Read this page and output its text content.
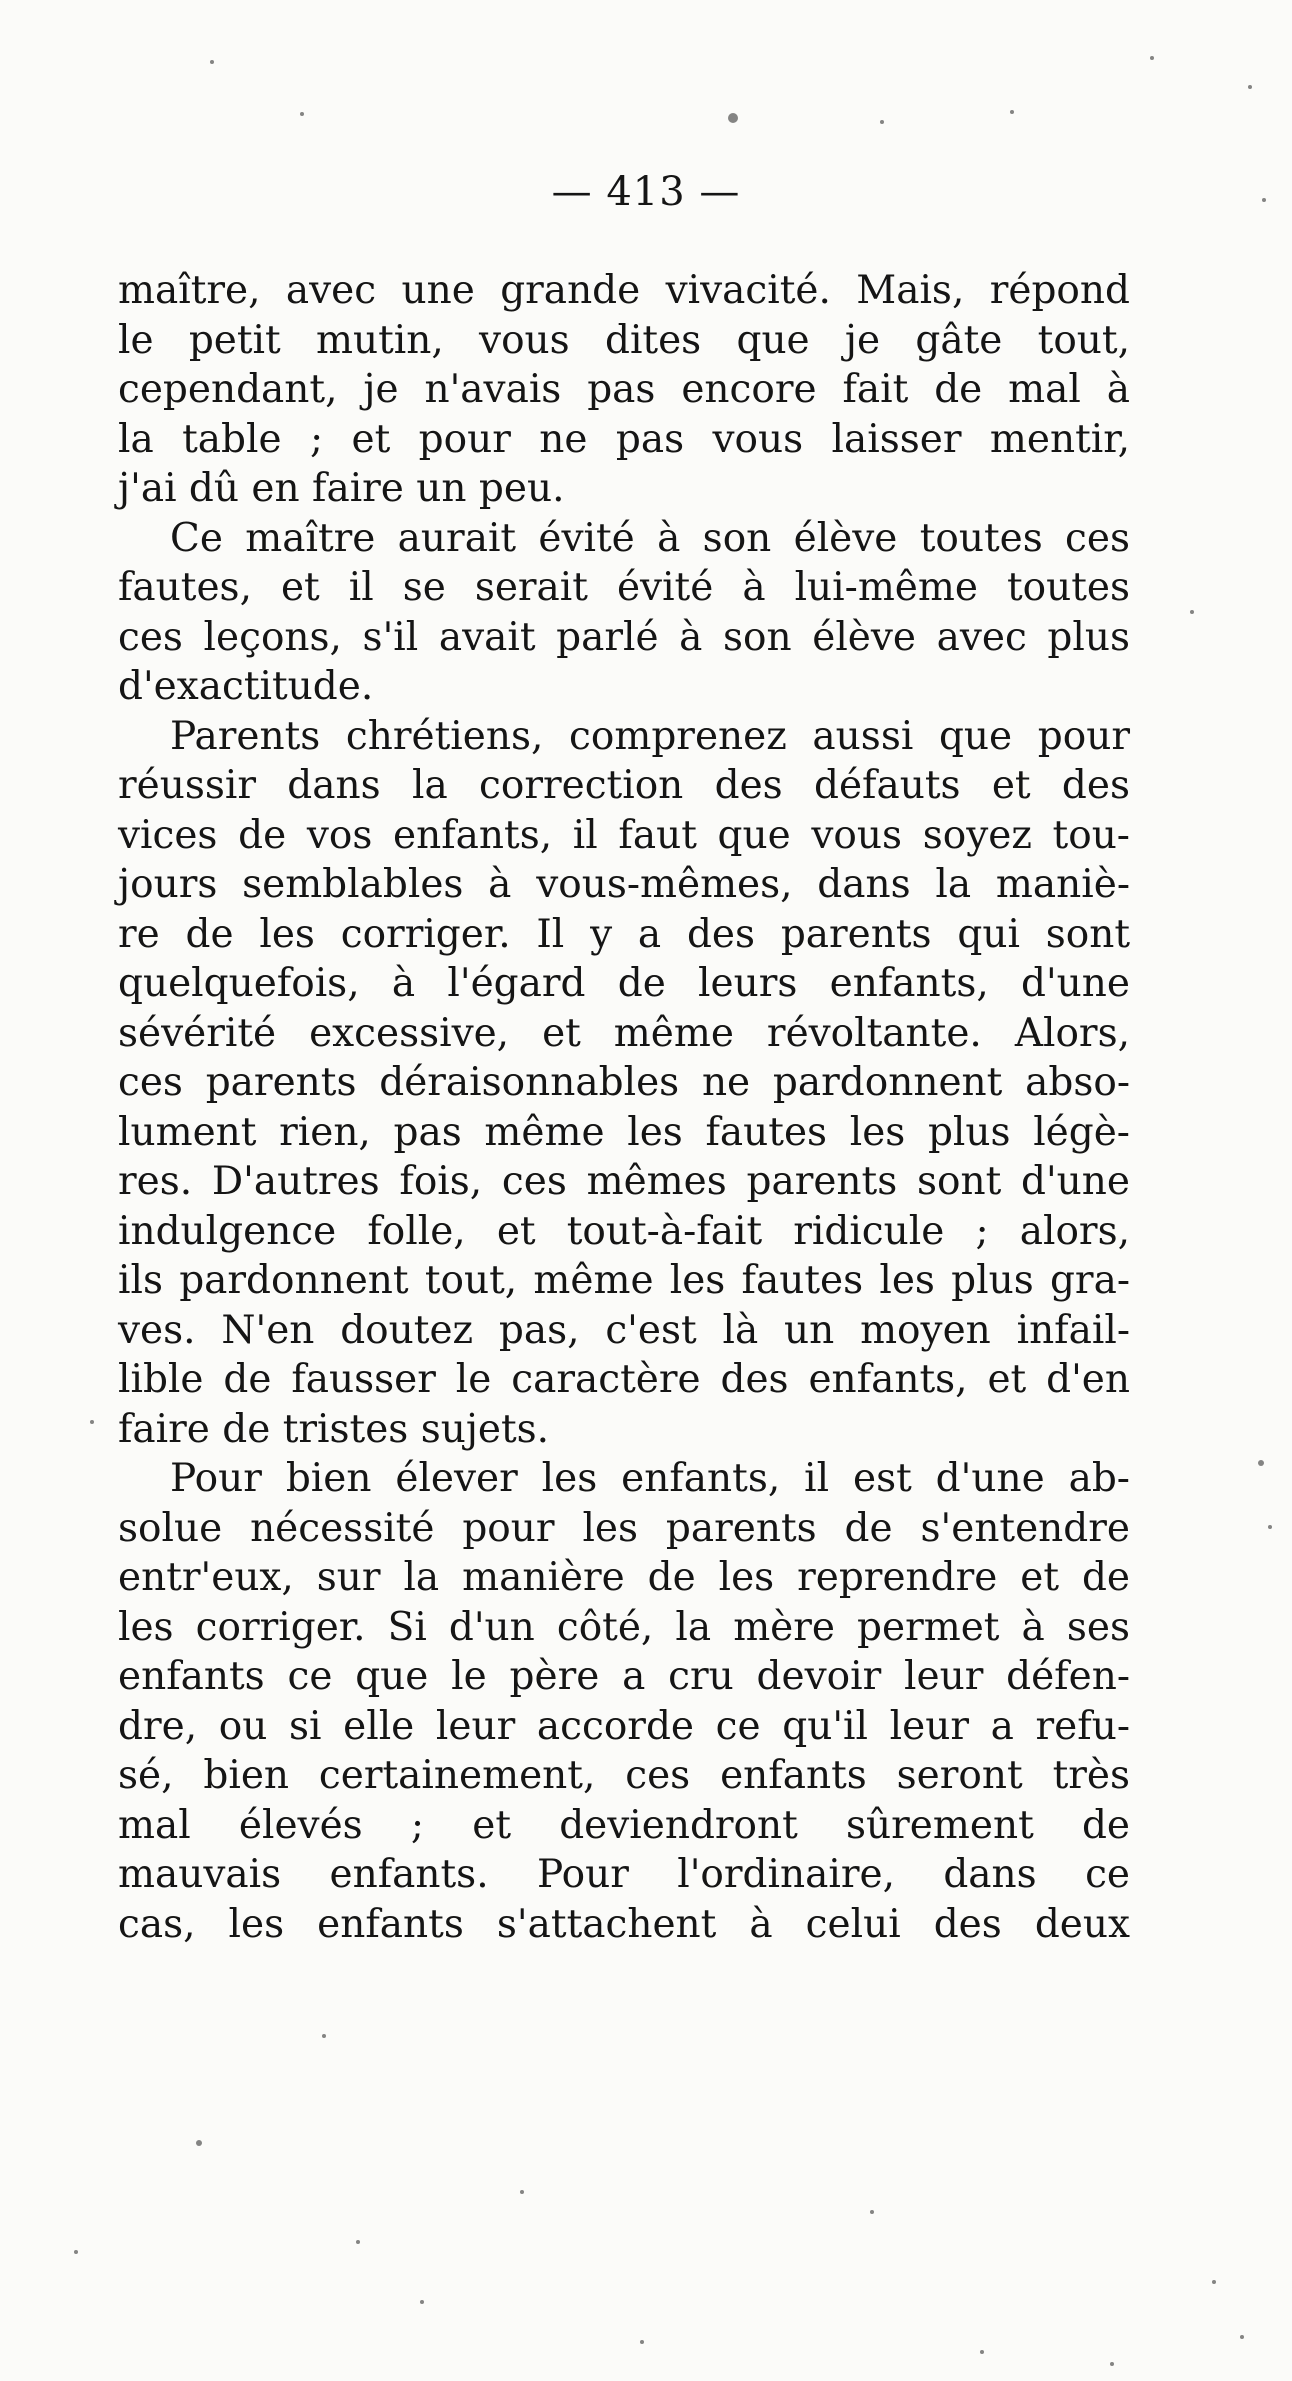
— 413 —
maître, avec une grande vivacité. Mais, répond
le petit mutin, vous dites que je gâte tout,
cependant, je n'avais pas encore fait de mal à
la table ; et pour ne pas vous laisser mentir,
j'ai dû en faire un peu.
Ce maître aurait évité à son élève toutes ces
fautes, et il se serait évité à lui-même toutes
ces leçons, s'il avait parlé à son élève avec plus
d'exactitude.
Parents chrétiens, comprenez aussi que pour
réussir dans la correction des défauts et des
vices de vos enfants, il faut que vous soyez tou-
jours semblables à vous-mêmes, dans la maniè-
re de les corriger. Il y a des parents qui sont
quelquefois, à l'égard de leurs enfants, d'une
sévérité excessive, et même révoltante. Alors,
ces parents déraisonnables ne pardonnent abso-
lument rien, pas même les fautes les plus légè-
res. D'autres fois, ces mêmes parents sont d'une
indulgence folle, et tout-à-fait ridicule ; alors,
ils pardonnent tout, même les fautes les plus gra-
ves. N'en doutez pas, c'est là un moyen infail-
lible de fausser le caractère des enfants, et d'en
faire de tristes sujets.
Pour bien élever les enfants, il est d'une ab-
solue nécessité pour les parents de s'entendre
entr'eux, sur la manière de les reprendre et de
les corriger. Si d'un côté, la mère permet à ses
enfants ce que le père a cru devoir leur défen-
dre, ou si elle leur accorde ce qu'il leur a refu-
sé, bien certainement, ces enfants seront très
mal élevés ; et deviendront sûrement de
mauvais enfants. Pour l'ordinaire, dans ce
cas, les enfants s'attachent à celui des deux
